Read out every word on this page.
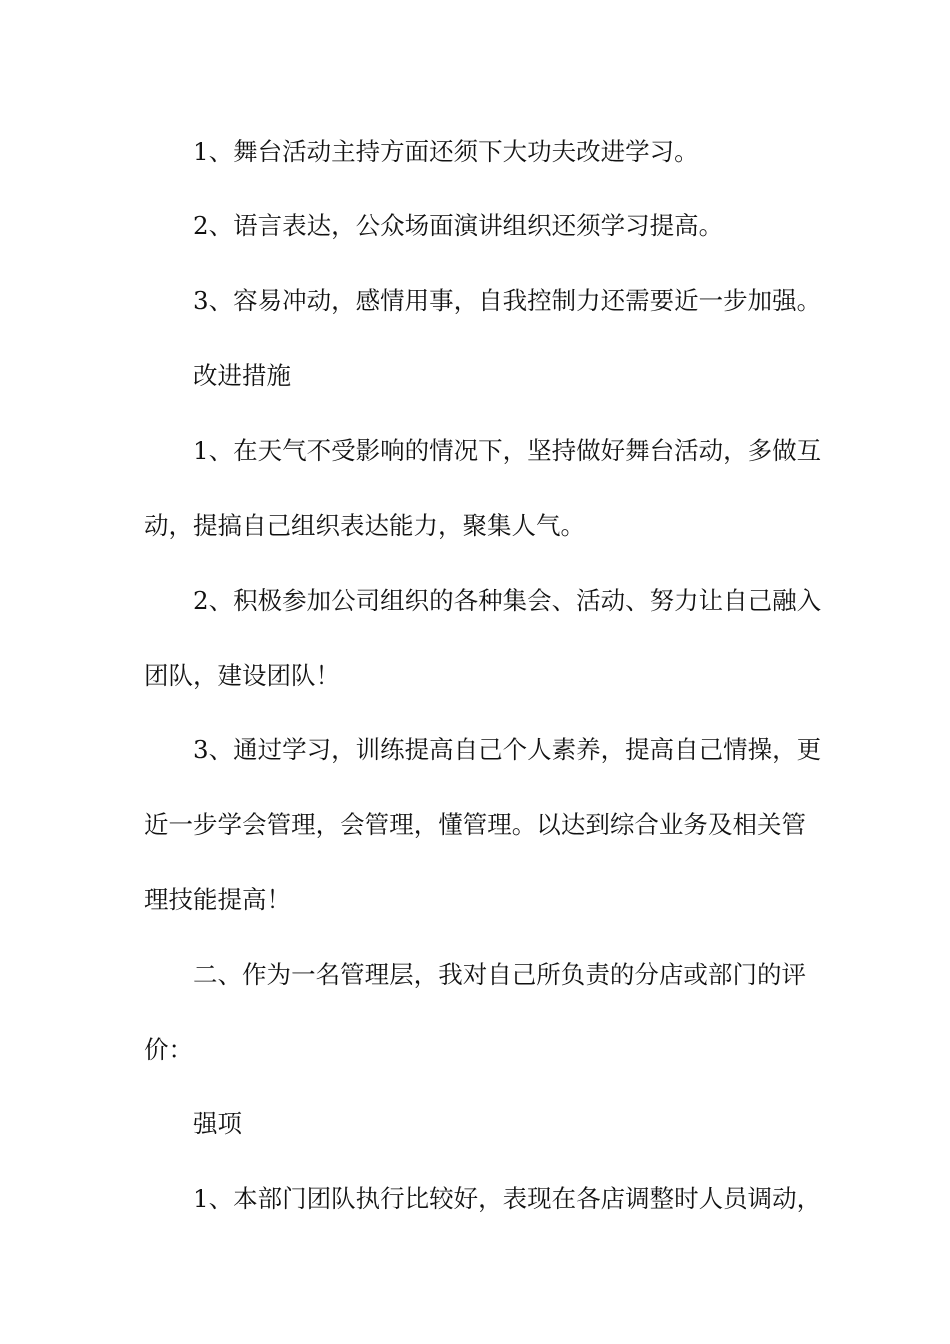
1、舞台活动主持方面还须下大功夫改进学习。

2、语言表达，公众场面演讲组织还须学习提高。

3、容易冲动，感情用事，自我控制力还需要近一步加强。

改进措施

1、在天气不受影响的情况下，坚持做好舞台活动，多做互

动，提搞自己组织表达能力，聚集人气。

2、积极参加公司组织的各种集会、活动、努力让自己融入

团队，建设团队！

3、通过学习，训练提高自己个人素养，提高自己情操，更

近一步学会管理，会管理，懂管理。以达到综合业务及相关管

理技能提高！

二、作为一名管理层，我对自己所负责的分店或部门的评

价：

强项

1、本部门团队执行比较好，表现在各店调整时人员调动，
